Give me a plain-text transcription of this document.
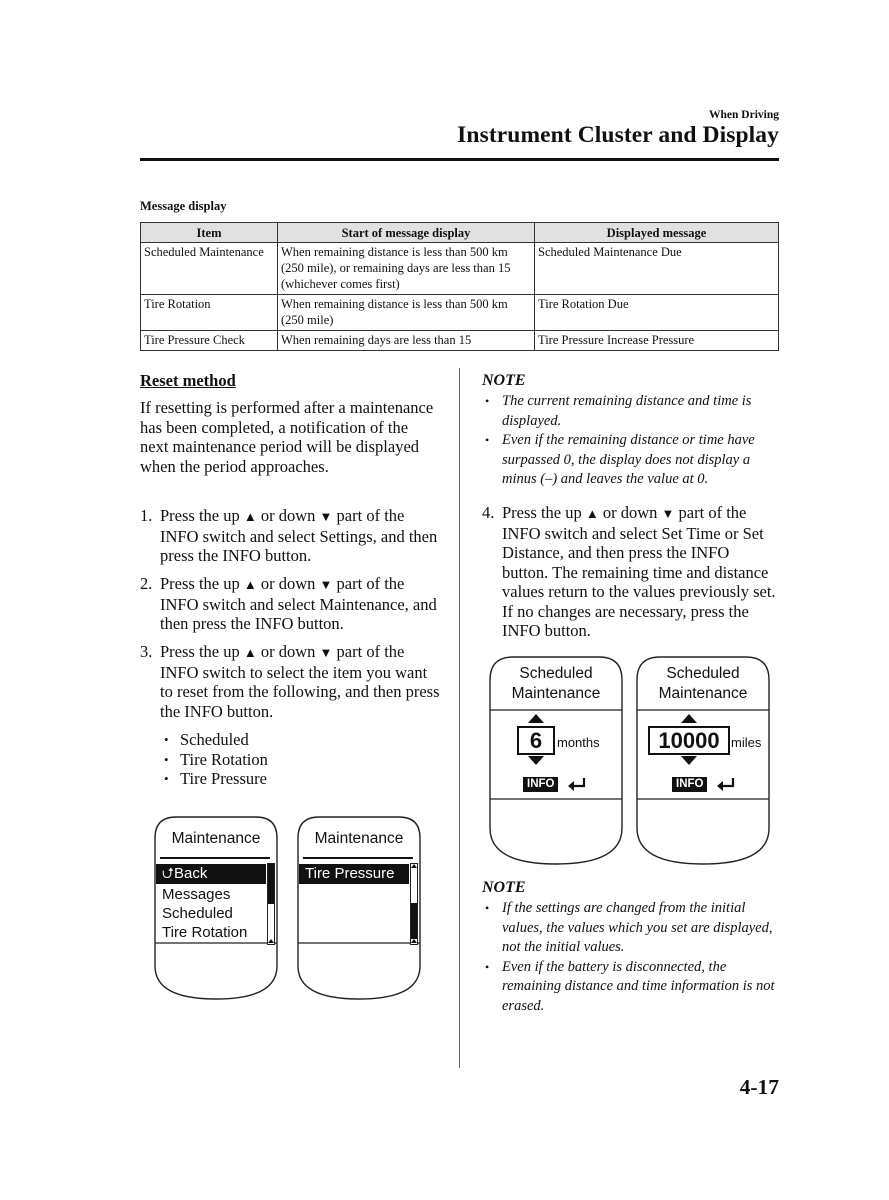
When Driving
Instrument Cluster and Display
Message display
Item	Start of message display	Displayed message
Scheduled Maintenance	When remaining distance is less than 500 km (250 mile), or remaining days are less than 15 (whichever comes first)	Scheduled Maintenance Due
Tire Rotation	When remaining distance is less than 500 km (250 mile)	Tire Rotation Due
Tire Pressure Check	When remaining days are less than 15	Tire Pressure Increase Pressure
Reset method
If resetting is performed after a maintenance has been completed, a notification of the next maintenance period will be displayed when the period approaches.
1. Press the up ▲ or down ▼ part of the INFO switch and select Settings, and then press the INFO button.
2. Press the up ▲ or down ▼ part of the INFO switch and select Maintenance, and then press the INFO button.
3. Press the up ▲ or down ▼ part of the INFO switch to select the item you want to reset from the following, and then press the INFO button.
• Scheduled
• Tire Rotation
• Tire Pressure
Maintenance
⮍Back
Messages
Scheduled
Tire Rotation
Maintenance
Tire Pressure
NOTE
• The current remaining distance and time is displayed.
• Even if the remaining distance or time have surpassed 0, the display does not display a minus (–) and leaves the value at 0.
4. Press the up ▲ or down ▼ part of the INFO switch and select Set Time or Set Distance, and then press the INFO button. The remaining time and distance values return to the values previously set. If no changes are necessary, press the INFO button.
Scheduled
Maintenance
6	months
INFO
Scheduled
Maintenance
10000 miles
INFO
NOTE
• If the settings are changed from the initial values, the values which you set are displayed, not the initial values.
• Even if the battery is disconnected, the remaining distance and time information is not erased.
4-17
